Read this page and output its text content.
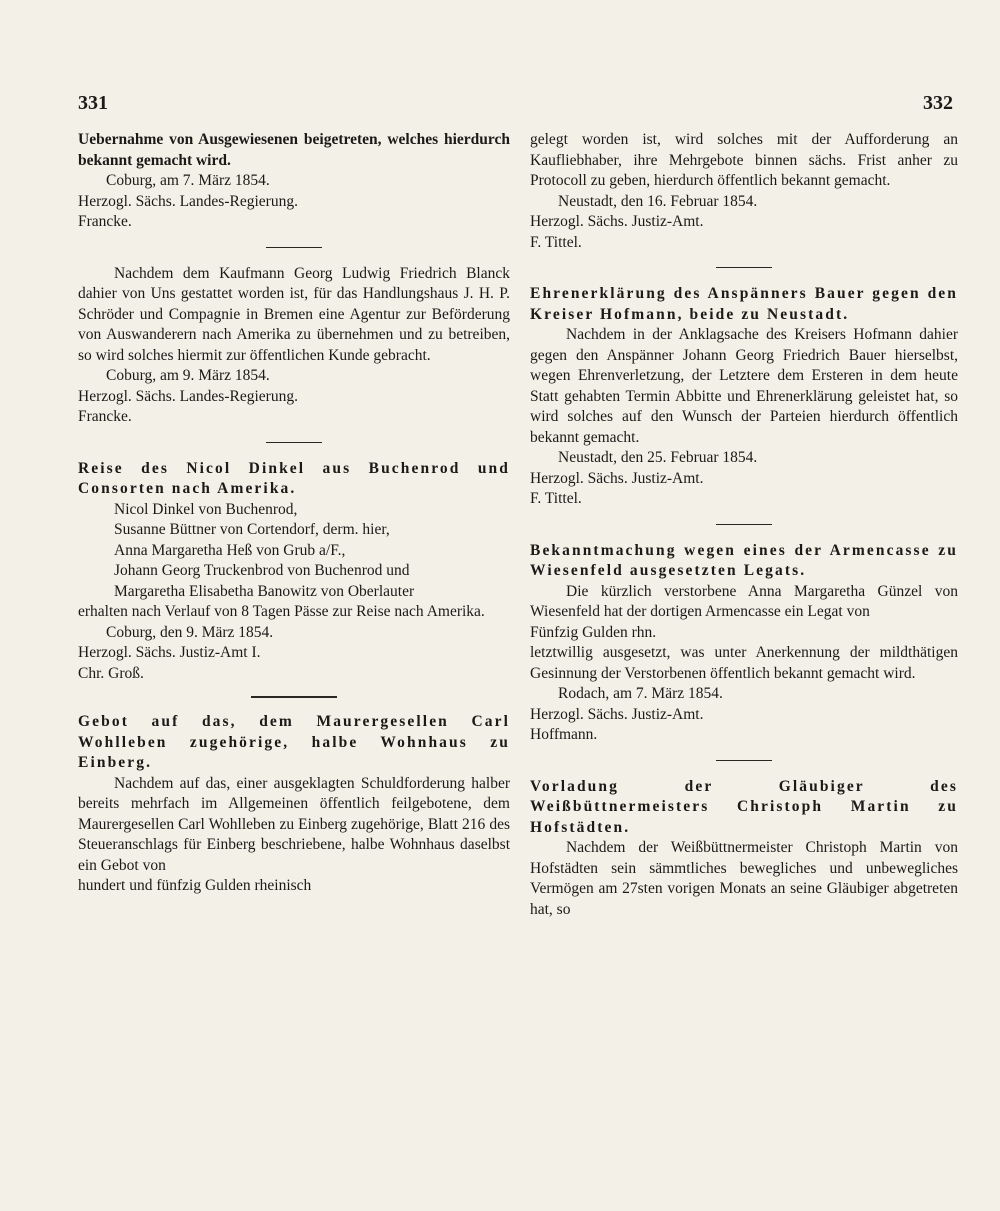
331	332

Uebernahme von Ausgewiesenen beigetreten, welches hierdurch bekannt gemacht wird.

Coburg, am 7. März 1854.

Herzogl. Sächs. Landes-Regierung.

Francke.

Nachdem dem Kaufmann Georg Ludwig Friedrich Blanck dahier von Uns gestattet worden ist, für das Handlungshaus J. H. P. Schröder und Compagnie in Bremen eine Agentur zur Beförderung von Auswanderern nach Amerika zu übernehmen und zu betreiben, so wird solches hiermit zur öffentlichen Kunde gebracht.

Coburg, am 9. März 1854.

Herzogl. Sächs. Landes-Regierung.

Francke.

Reise des Nicol Dinkel aus Buchenrod und Consorten nach Amerika.

Nicol Dinkel von Buchenrod,
Susanne Büttner von Cortendorf, derm. hier,
Anna Margaretha Heß von Grub a/F.,
Johann Georg Truckenbrod von Buchenrod und
Margaretha Elisabetha Banowitz von Oberlauter

erhalten nach Verlauf von 8 Tagen Pässe zur Reise nach Amerika.

Coburg, den 9. März 1854.

Herzogl. Sächs. Justiz-Amt I.

Chr. Groß.

Gebot auf das, dem Maurergesellen Carl Wohlleben zugehörige, halbe Wohnhaus zu Einberg.

Nachdem auf das, einer ausgeklagten Schuldforderung halber bereits mehrfach im Allgemeinen öffentlich feilgebotene, dem Maurergesellen Carl Wohlleben zu Einberg zugehörige, Blatt 216 des Steueranschlags für Einberg beschriebene, halbe Wohnhaus daselbst ein Gebot von

hundert und fünfzig Gulden rheinisch

gelegt worden ist, wird solches mit der Aufforderung an Kaufliebhaber, ihre Mehrgebote binnen sächs. Frist anher zu Protocoll zu geben, hierdurch öffentlich bekannt gemacht.

Neustadt, den 16. Februar 1854.

Herzogl. Sächs. Justiz-Amt.

F. Tittel.

Ehrenerklärung des Anspänners Bauer gegen den Kreiser Hofmann, beide zu Neustadt.

Nachdem in der Anklagsache des Kreisers Hofmann dahier gegen den Anspänner Johann Georg Friedrich Bauer hierselbst, wegen Ehrenverletzung, der Letztere dem Ersteren in dem heute Statt gehabten Termin Abbitte und Ehrenerklärung geleistet hat, so wird solches auf den Wunsch der Parteien hierdurch öffentlich bekannt gemacht.

Neustadt, den 25. Februar 1854.

Herzogl. Sächs. Justiz-Amt.

F. Tittel.

Bekanntmachung wegen eines der Armencasse zu Wiesenfeld ausgesetzten Legats.

Die kürzlich verstorbene Anna Margaretha Günzel von Wiesenfeld hat der dortigen Armencasse ein Legat von

Fünfzig Gulden rhn.

letztwillig ausgesetzt, was unter Anerkennung der mildthätigen Gesinnung der Verstorbenen öffentlich bekannt gemacht wird.

Rodach, am 7. März 1854.

Herzogl. Sächs. Justiz-Amt.

Hoffmann.

Vorladung der Gläubiger des Weißbüttnermeisters Christoph Martin zu Hofstädten.

Nachdem der Weißbüttnermeister Christoph Martin von Hofstädten sein sämmtliches bewegliches und unbewegliches Vermögen am 27sten vorigen Monats an seine Gläubiger abgetreten hat, so
